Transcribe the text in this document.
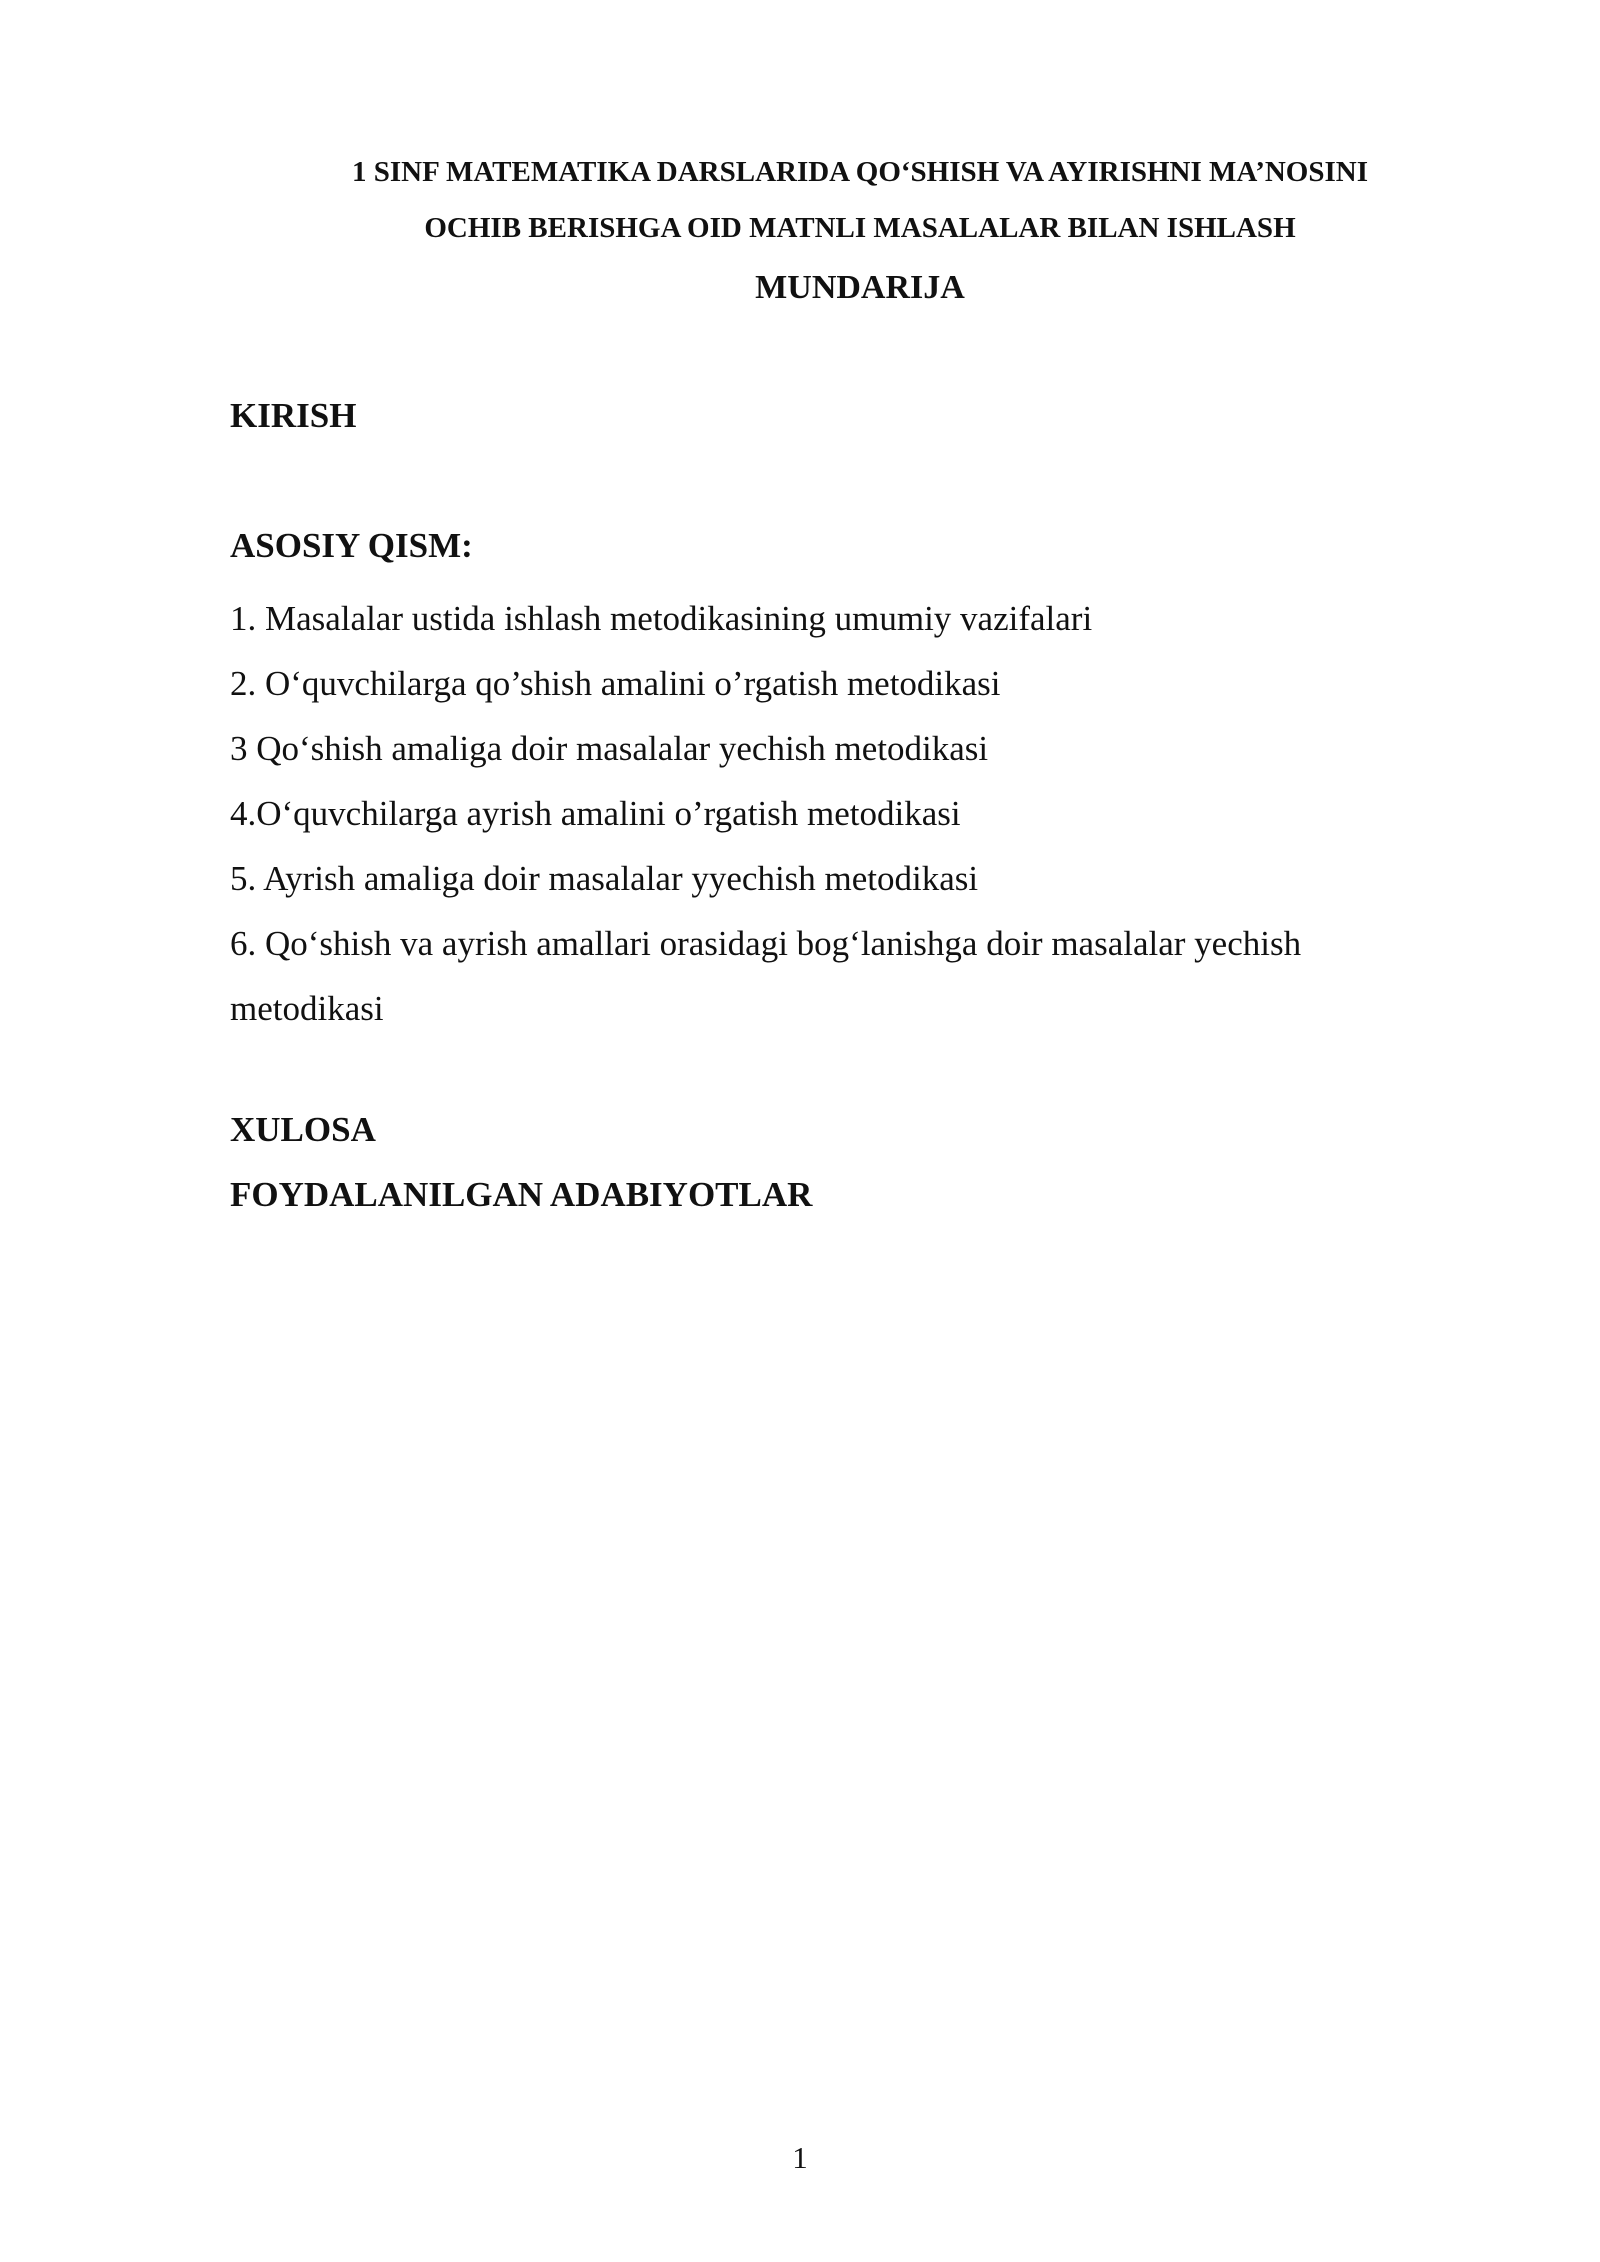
1 SINF MATEMATIKA DARSLARIDA QO‘SHISH VA AYIRISHNI MA’NOSINI
OCHIB BERISHGA OID MATNLI MASALALAR BILAN ISHLASH
MUNDARIJA
KIRISH
ASOSIY QISM:
1. Masalalar ustida ishlash metodikasining umumiy vazifalari
2. O‘quvchilarga qo’shish amalini o’rgatish metodikasi
3 Qo‘shish amaliga doir masalalar yechish metodikasi
4.O‘quvchilarga ayrish amalini o’rgatish metodikasi
5. Ayrish amaliga doir masalalar yyechish metodikasi
6. Qo‘shish va ayrish amallari orasidagi bog‘lanishga doir masalalar yechish
metodikasi
XULOSA
FOYDALANILGAN ADABIYOTLAR
1
